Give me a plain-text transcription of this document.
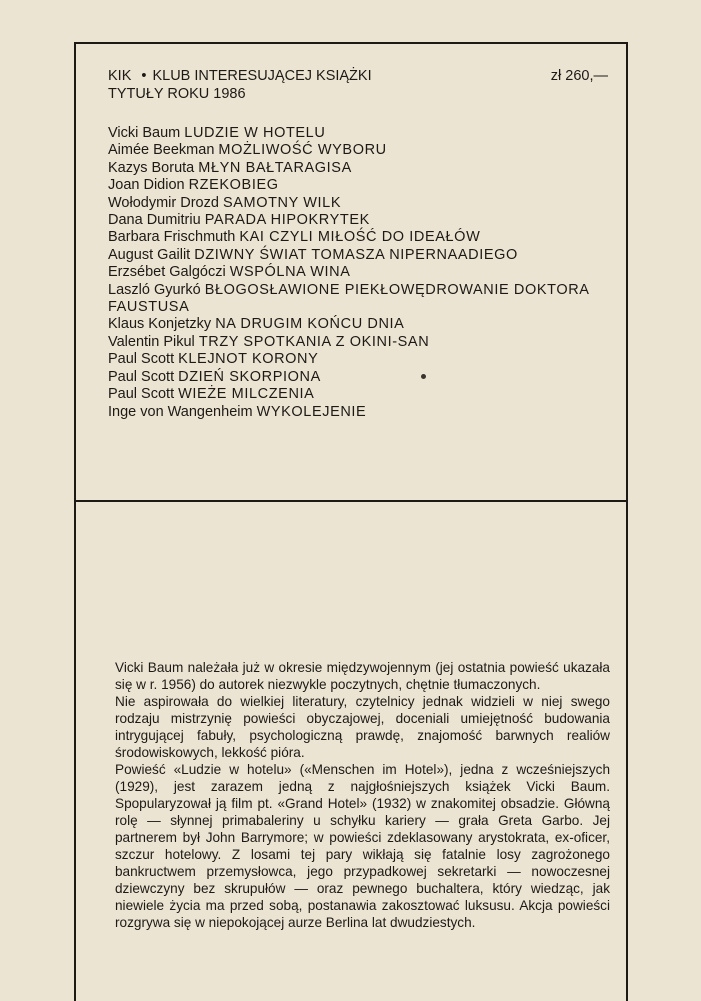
KIK • KLUB INTERESUJĄCEJ KSIĄŻKI	zł 260,—
TYTUŁY ROKU 1986
Vicki Baum LUDZIE W HOTELU
Aimée Beekman MOŻLIWOŚĆ WYBORU
Kazys Boruta MŁYN BAŁTARAGISA
Joan Didion RZEKOBIEG
Wołodymir Drozd SAMOTNY WILK
Dana Dumitriu PARADA HIPOKRYTEK
Barbara Frischmuth KAI CZYLI MIŁOŚĆ DO IDEAŁÓW
August Gailit DZIWNY ŚWIAT TOMASZA NIPERNAADIEGO
Erzsébet Galgóczi WSPÓLNA WINA
Laszló Gyurkó BŁOGOSŁAWIONE PIEKŁOWĘDROWANIE DOKTORA FAUSTUSA
Klaus Konjetzky NA DRUGIM KOŃCU DNIA
Valentin Pikul TRZY SPOTKANIA Z OKINI-SAN
Paul Scott KLEJNOT KORONY
Paul Scott DZIEŃ SKORPIONA
Paul Scott WIEŻE MILCZENIA
Inge von Wangenheim WYKOLEJENIE

Vicki Baum należała już w okresie międzywojennym (jej ostatnia powieść ukazała się w r. 1956) do autorek niezwykle poczytnych, chętnie tłumaczonych.

Nie aspirowała do wielkiej literatury, czytelnicy jednak widzieli w niej swego rodzaju mistrzynię powieści obyczajowej, doceniali umiejętność budowania intrygującej fabuły, psychologiczną prawdę, znajomość barwnych realiów środowiskowych, lekkość pióra.

Powieść «Ludzie w hotelu» («Menschen im Hotel»), jedna z wcześniejszych (1929), jest zarazem jedną z najgłośniejszych książek Vicki Baum. Spopularyzował ją film pt. «Grand Hotel» (1932) w znakomitej obsadzie. Główną rolę — słynnej primabaleriny u schyłku kariery — grała Greta Garbo. Jej partnerem był John Barrymore; w powieści zdeklasowany arystokrata, ex-oficer, szczur hotelowy. Z losami tej pary wikłają się fatalnie losy zagrożonego bankructwem przemysłowca, jego przypadkowej sekretarki — nowoczesnej dziewczyny bez skrupułów — oraz pewnego buchaltera, który wiedząc, jak niewiele życia ma przed sobą, postanawia zakosztować luksusu. Akcja powieści rozgrywa się w niepokojącej aurze Berlina lat dwudziestych.
